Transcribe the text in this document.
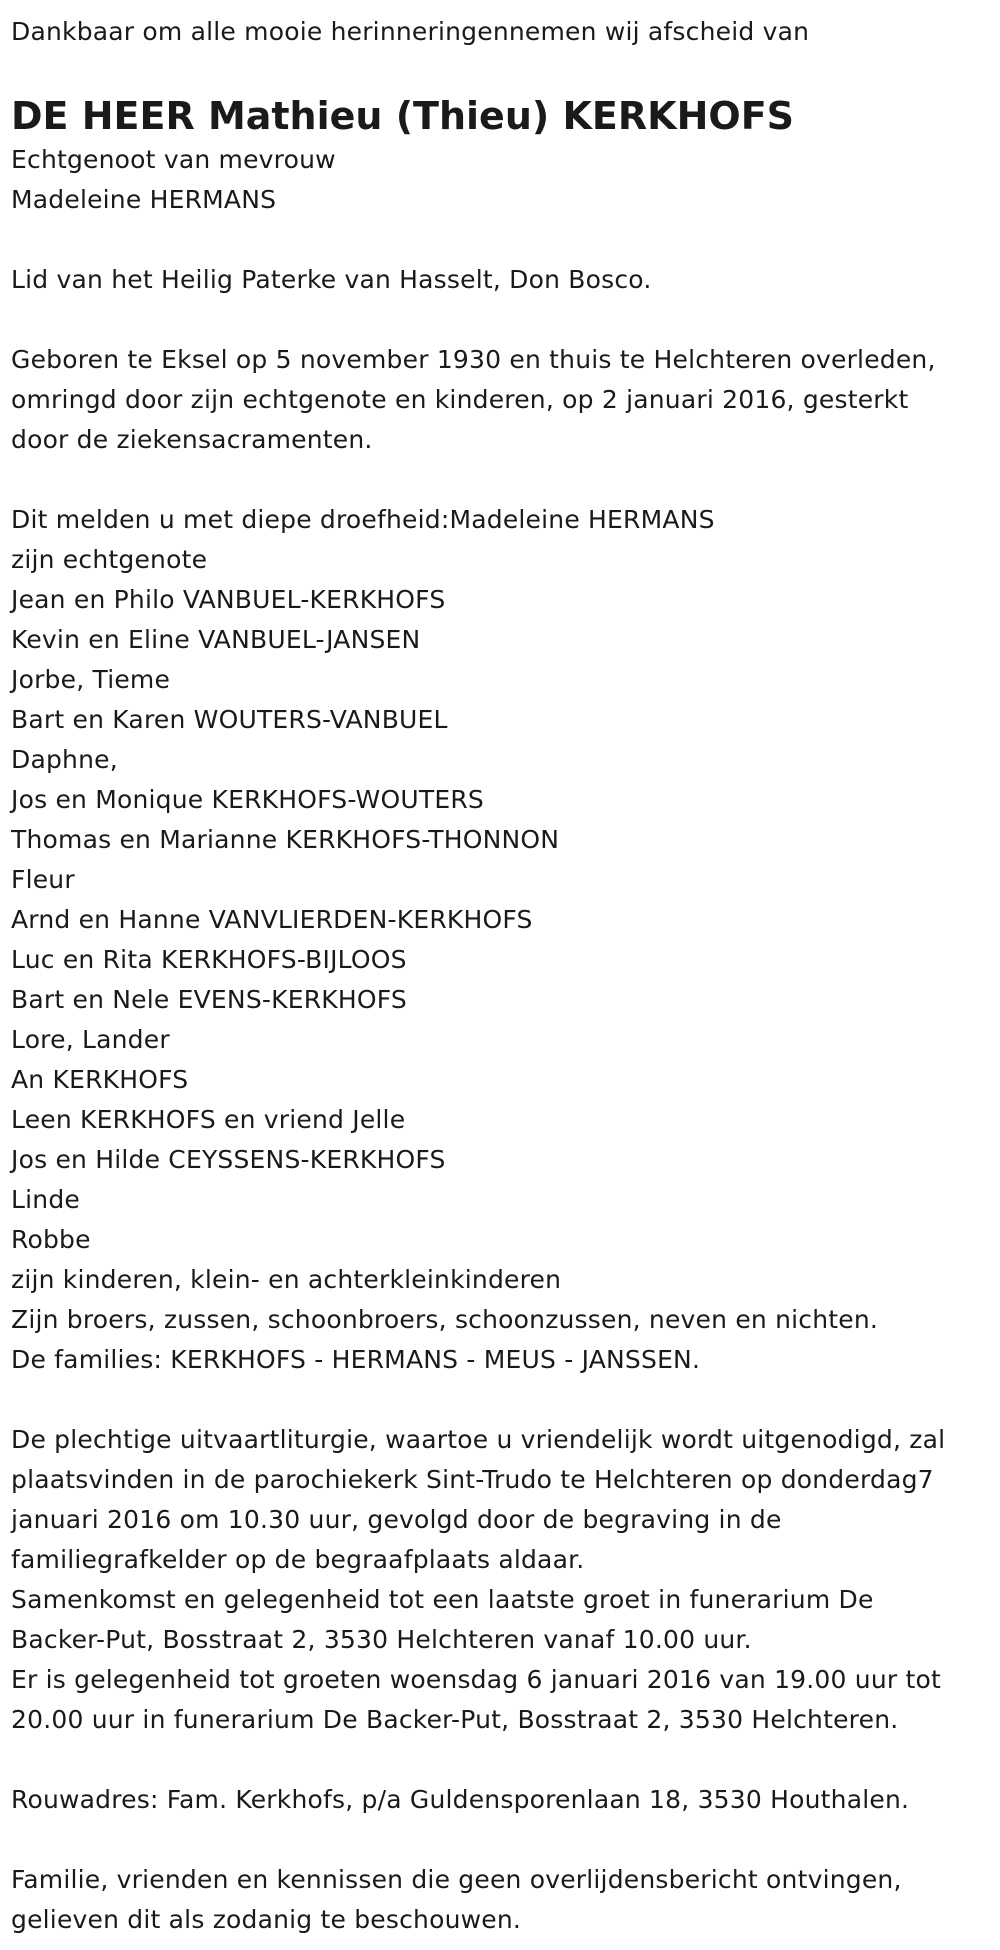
Dankbaar om alle mooie herinneringennemen wij afscheid van
DE HEER Mathieu (Thieu) KERKHOFS
Echtgenoot van mevrouw
Madeleine HERMANS
Lid van het Heilig Paterke van Hasselt, Don Bosco.
Geboren te Eksel op 5 november 1930 en thuis te Helchteren overleden,
omringd door zijn echtgenote en kinderen, op 2 januari 2016, gesterkt
door de ziekensacramenten.
Dit melden u met diepe droefheid:Madeleine HERMANS
zijn echtgenote
Jean en Philo VANBUEL-KERKHOFS
Kevin en Eline VANBUEL-JANSEN
Jorbe, Tieme
Bart en Karen WOUTERS-VANBUEL
Daphne,
Jos en Monique KERKHOFS-WOUTERS
Thomas en Marianne KERKHOFS-THONNON
Fleur
Arnd en Hanne VANVLIERDEN-KERKHOFS
Luc en Rita KERKHOFS-BIJLOOS
Bart en Nele EVENS-KERKHOFS
Lore, Lander
An KERKHOFS
Leen KERKHOFS en vriend Jelle
Jos en Hilde CEYSSENS-KERKHOFS
Linde
Robbe
zijn kinderen, klein- en achterkleinkinderen
Zijn broers, zussen, schoonbroers, schoonzussen, neven en nichten.
De families: KERKHOFS - HERMANS - MEUS - JANSSEN.
De plechtige uitvaartliturgie, waartoe u vriendelijk wordt uitgenodigd, zal
plaatsvinden in de parochiekerk Sint-Trudo te Helchteren op donderdag7
januari 2016 om 10.30 uur, gevolgd door de begraving in de
familiegrafkelder op de begraafplaats aldaar.
Samenkomst en gelegenheid tot een laatste groet in funerarium De
Backer-Put, Bosstraat 2, 3530 Helchteren vanaf 10.00 uur.
Er is gelegenheid tot groeten woensdag 6 januari 2016 van 19.00 uur tot
20.00 uur in funerarium De Backer-Put, Bosstraat 2, 3530 Helchteren.
Rouwadres: Fam. Kerkhofs, p/a Guldensporenlaan 18, 3530 Houthalen.
Familie, vrienden en kennissen die geen overlijdensbericht ontvingen,
gelieven dit als zodanig te beschouwen.
